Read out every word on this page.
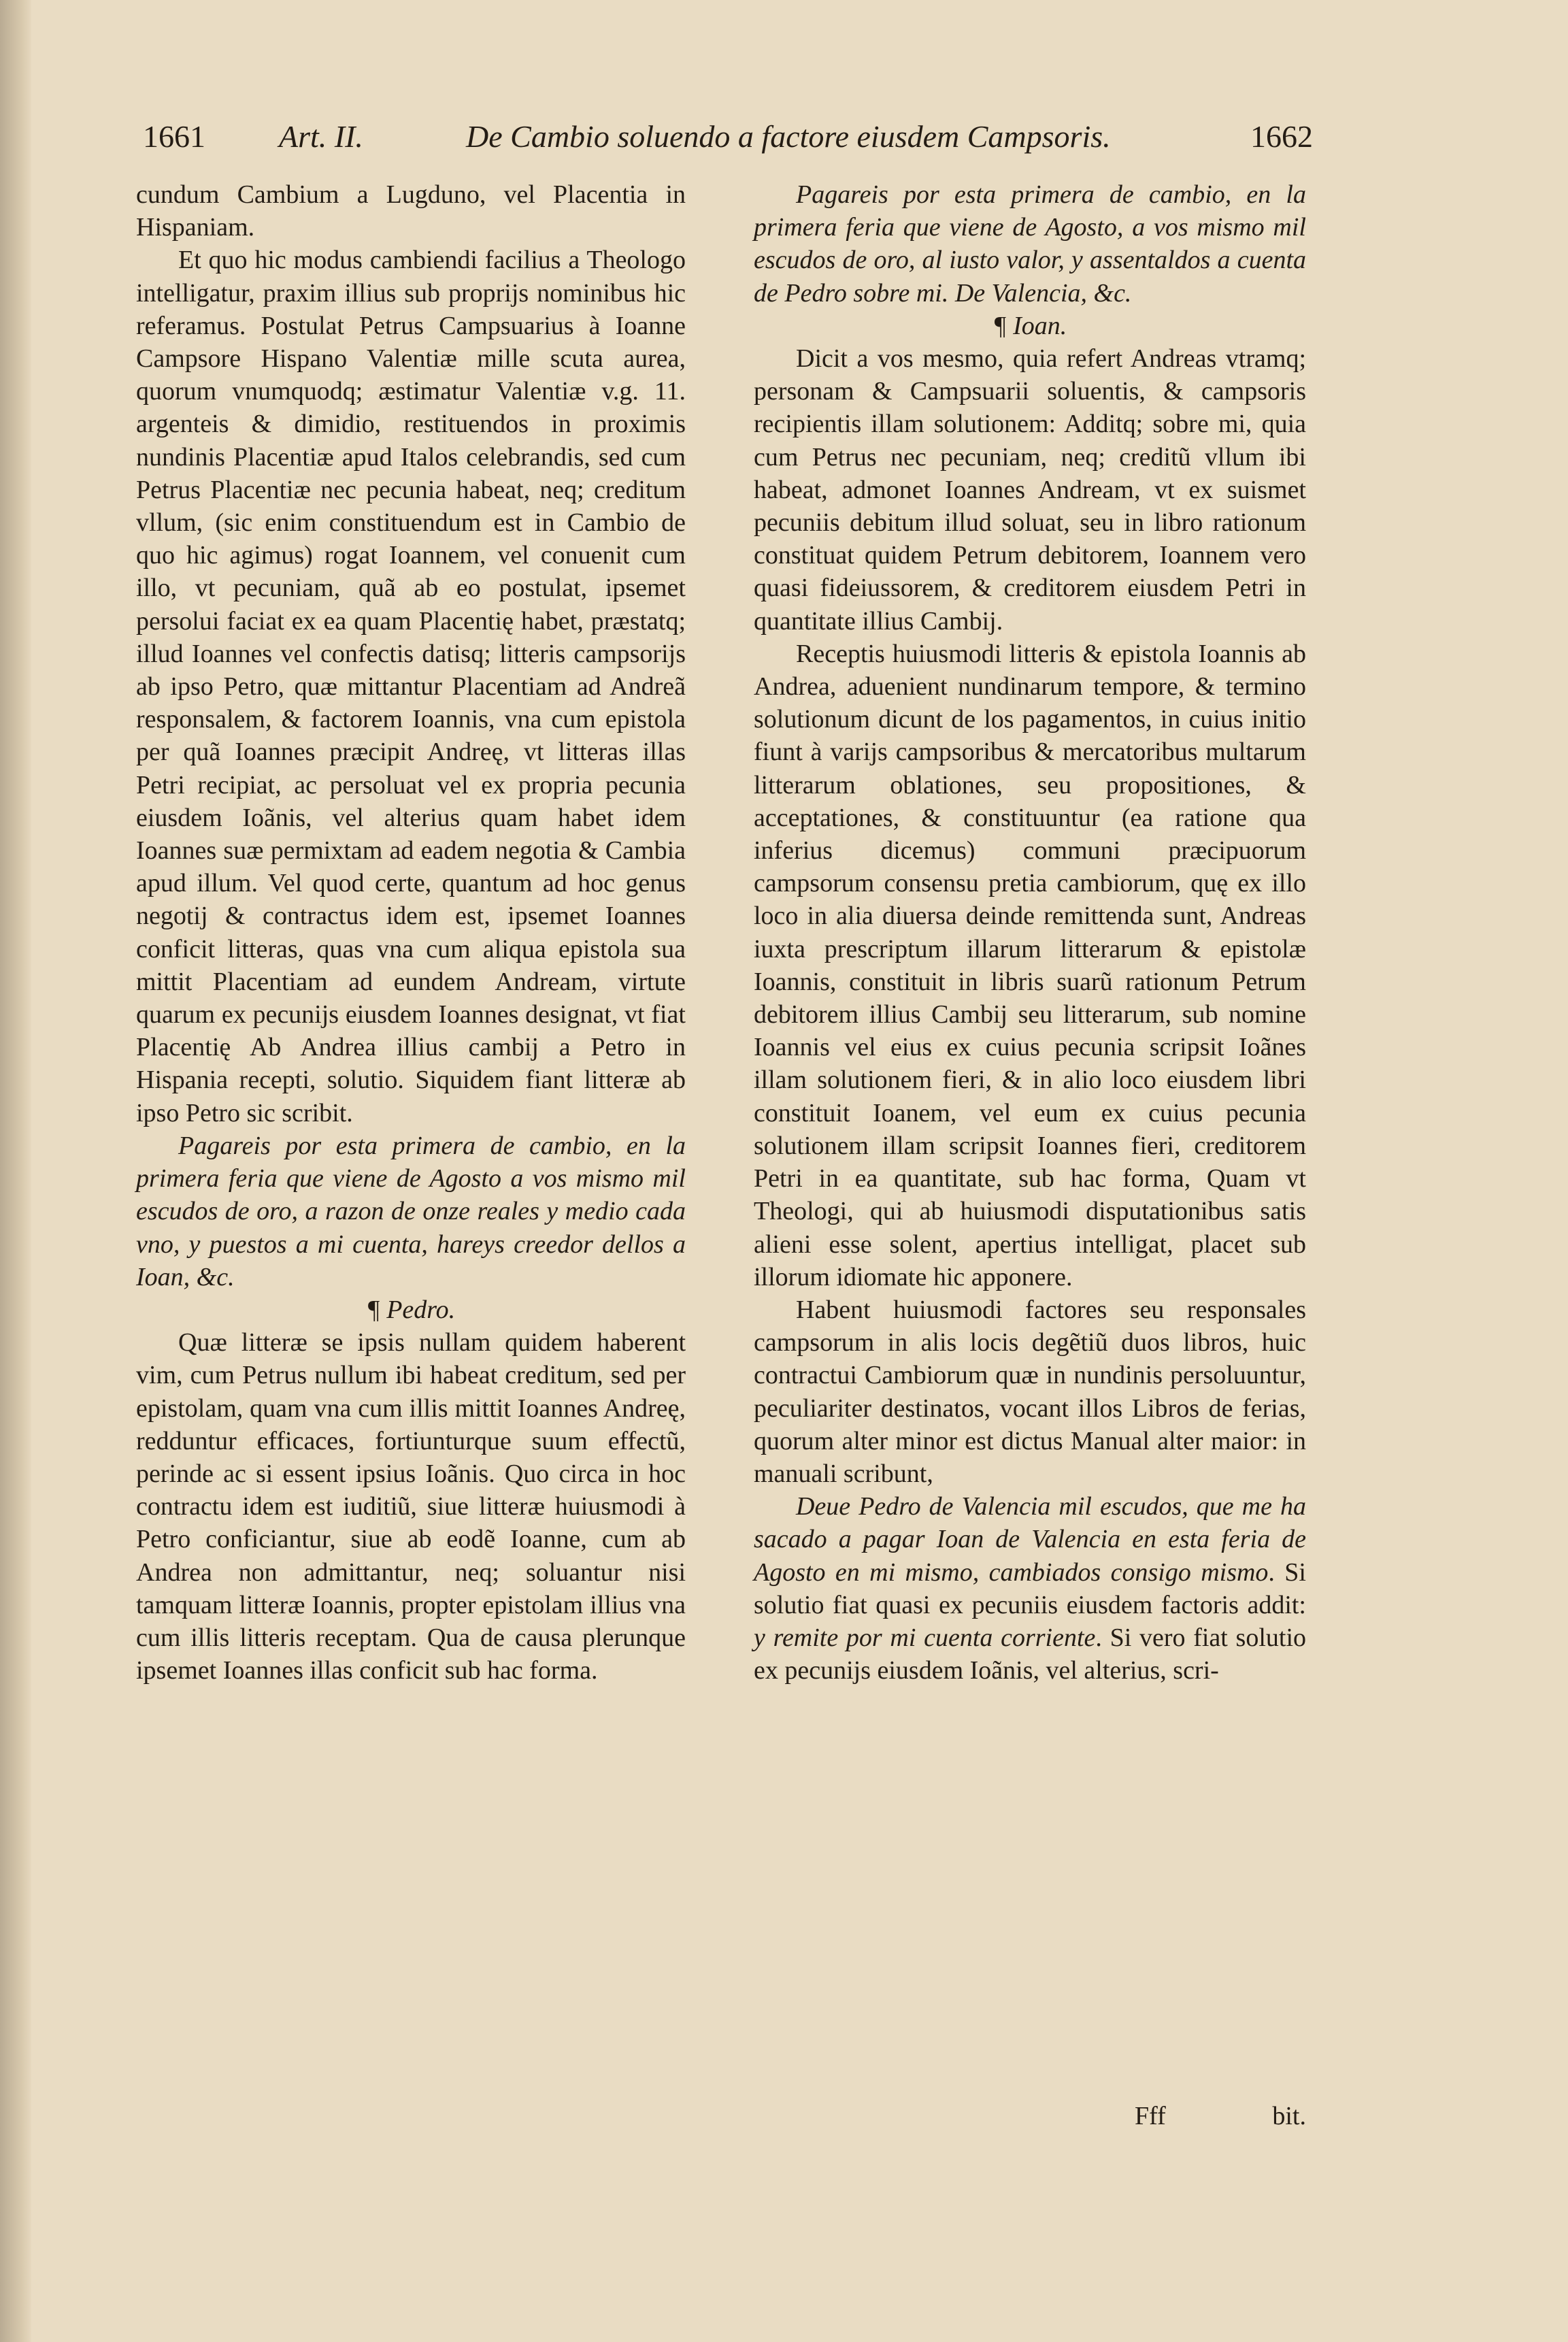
1661 Art. II.	De Cambio soluendo a factore eiusdem Campsoris.	1662

cundum Cambium a Lugduno, vel Placentia in Hispaniam.

Et quo hic modus cambiendi facilius a Theologo intelligatur, praxim illius sub proprijs nominibus hic referamus. Postulat Petrus Campsuarius à Ioanne Campsore Hispano Valentiæ mille scuta aurea, quorum vnumquodq; æstimatur Valentiæ v.g. 11. argenteis & dimidio, restituendos in proximis nundinis Placentiæ apud Italos celebrandis, sed cum Petrus Placentiæ nec pecunia habeat, neq; creditum vllum, (sic enim constituendum est in Cambio de quo hic agimus) rogat Ioannem, vel conuenit cum illo, vt pecuniam, quã ab eo postulat, ipsemet persolui faciat ex ea quam Placentię habet, præstatq; illud Ioannes vel confectis datisq; litteris campsorijs ab ipso Petro, quæ mittantur Placentiam ad Andreã responsalem, & factorem Ioannis, vna cum epistola per quã Ioannes præcipit Andreę, vt litteras illas Petri recipiat, ac persoluat vel ex propria pecunia eiusdem Ioãnis, vel alterius quam habet idem Ioannes suæ permixtam ad eadem negotia & Cambia apud illum. Vel quod certe, quantum ad hoc genus negotij & contractus idem est, ipsemet Ioannes conficit litteras, quas vna cum aliqua epistola sua mittit Placentiam ad eundem Andream, virtute quarum ex pecunijs eiusdem Ioannes designat, vt fiat Placentię Ab Andrea illius cambij a Petro in Hispania recepti, solutio. Siquidem fiant litteræ ab ipso Petro sic scribit.

Pagareis por esta primera de cambio, en la primera feria que viene de Agosto a vos mismo mil escudos de oro, a razon de onze reales y medio cada vno, y puestos a mi cuenta, hareys creedor dellos a Ioan, &c.

¶ Pedro.

Quæ litteræ se ipsis nullam quidem haberent vim, cum Petrus nullum ibi habeat creditum, sed per epistolam, quam vna cum illis mittit Ioannes Andreę, redduntur efficaces, fortiunturque suum effectũ, perinde ac si essent ipsius Ioãnis. Quo circa in hoc contractu idem est iuditiũ, siue litteræ huiusmodi à Petro conficiantur, siue ab eodẽ Ioanne, cum ab Andrea non admittantur, neq; soluantur nisi tamquam litteræ Ioannis, propter epistolam illius vna cum illis litteris receptam. Qua de causa plerunque ipsemet Ioannes illas conficit sub hac forma.

Pagareis por esta primera de cambio, en la primera feria que viene de Agosto, a vos mismo mil escudos de oro, al iusto valor, y assentaldos a cuenta de Pedro sobre mi. De Valencia, &c.

¶ Ioan.

Dicit a vos mesmo, quia refert Andreas vtramq; personam & Campsuarii soluentis, & campsoris recipientis illam solutionem: Additq; sobre mi, quia cum Petrus nec pecuniam, neq; creditũ vllum ibi habeat, admonet Ioannes Andream, vt ex suismet pecuniis debitum illud soluat, seu in libro rationum constituat quidem Petrum debitorem, Ioannem vero quasi fideiussorem, & creditorem eiusdem Petri in quantitate illius Cambij.

Receptis huiusmodi litteris & epistola Ioannis ab Andrea, aduenient nundinarum tempore, & termino solutionum dicunt de los pagamentos, in cuius initio fiunt à varijs campsoribus & mercatoribus multarum litterarum oblationes, seu propositiones, & acceptationes, & constituuntur (ea ratione qua inferius dicemus) communi præcipuorum campsorum consensu pretia cambiorum, quę ex illo loco in alia diuersa deinde remittenda sunt, Andreas iuxta prescriptum illarum litterarum & epistolæ Ioannis, constituit in libris suarũ rationum Petrum debitorem illius Cambij seu litterarum, sub nomine Ioannis vel eius ex cuius pecunia scripsit Ioãnes illam solutionem fieri, & in alio loco eiusdem libri constituit Ioanem, vel eum ex cuius pecunia solutionem illam scripsit Ioannes fieri, creditorem Petri in ea quantitate, sub hac forma, Quam vt Theologi, qui ab huiusmodi disputationibus satis alieni esse solent, apertius intelligat, placet sub illorum idiomate hic apponere.

Habent huiusmodi factores seu responsales campsorum in alis locis degẽtiũ duos libros, huic contractui Cambiorum quæ in nundinis persoluuntur, peculiariter destinatos, vocant illos Libros de ferias, quorum alter minor est dictus Manual alter maior: in manuali scribunt,

Deue Pedro de Valencia mil escudos, que me ha sacado a pagar Ioan de Valencia en esta feria de Agosto en mi mismo, cambiados consigo mismo. Si solutio fiat quasi ex pecuniis eiusdem factoris addit: y remite por mi cuenta corriente. Si vero fiat solutio ex pecunijs eiusdem Ioãnis, vel alterius, scri-

Fff	bit.
